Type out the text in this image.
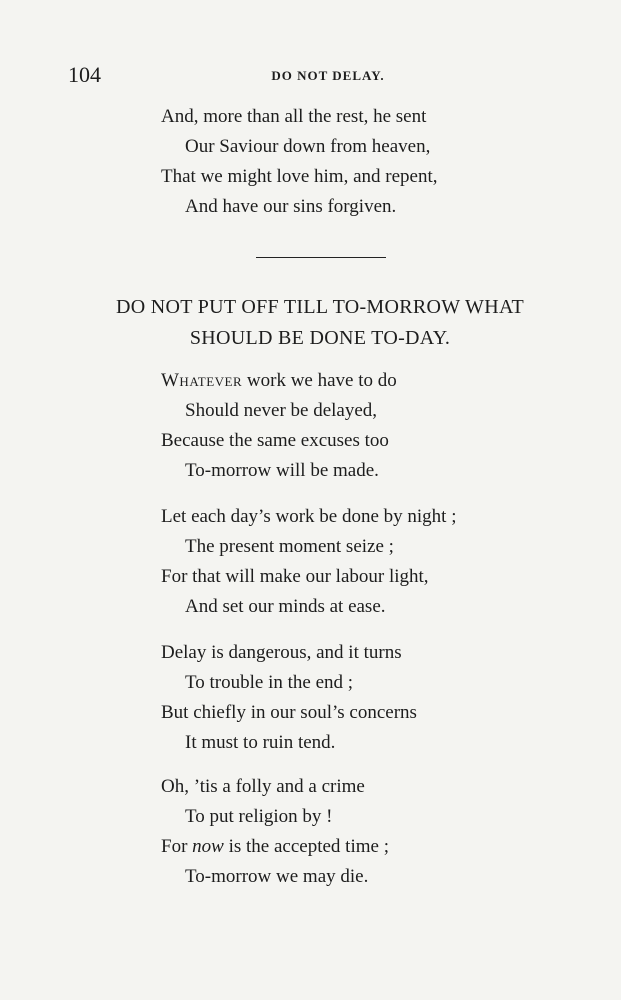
104	DO NOT DELAY.
And, more than all the rest, he sent
Our Saviour down from heaven,
That we might love him, and repent,
And have our sins forgiven.
DO NOT PUT OFF TILL TO-MORROW WHAT
SHOULD BE DONE TO-DAY.
Whatever work we have to do
Should never be delayed,
Because the same excuses too
To-morrow will be made.
Let each day’s work be done by night ;
The present moment seize ;
For that will make our labour light,
And set our minds at ease.
Delay is dangerous, and it turns
To trouble in the end ;
But chiefly in our soul’s concerns
It must to ruin tend.
Oh, ’tis a folly and a crime
To put religion by !
For now is the accepted time ;
To-morrow we may die.
